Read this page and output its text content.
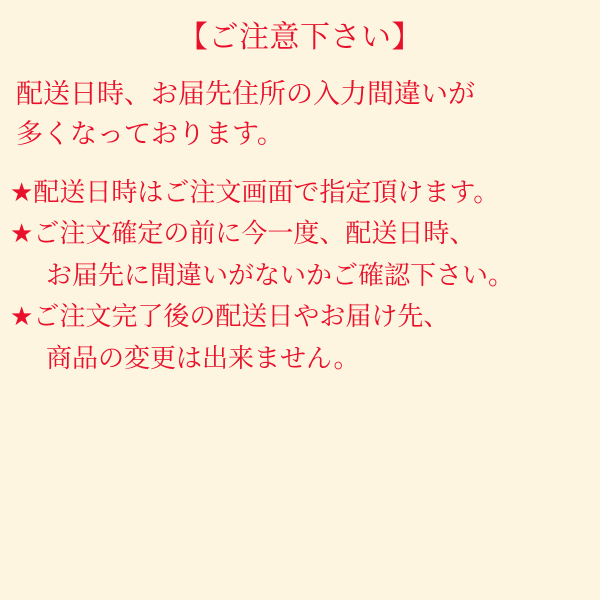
【ご注意下さい】
配送日時、お届先住所の入力間違いが
多くなっております。
★配送日時はご注文画面で指定頂けます。
★ご注文確定の前に今一度、配送日時、
お届先に間違いがないかご確認下さい。
★ご注文完了後の配送日やお届け先、
商品の変更は出来ません。
